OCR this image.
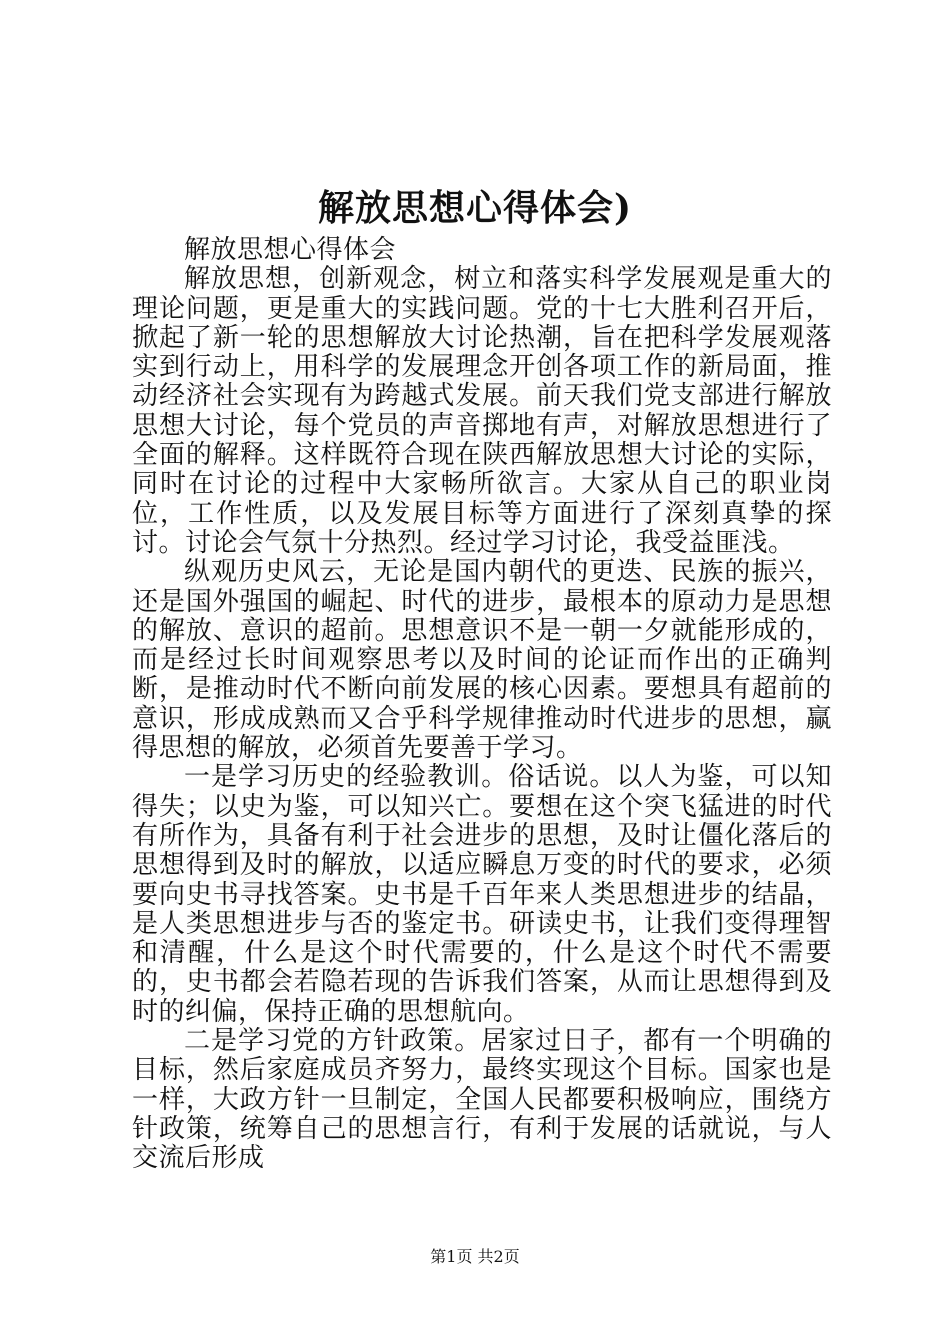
解放思想心得体会)

解放思想心得体会

解放思想，创新观念，树立和落实科学发展观是重大的理论问题，更是重大的实践问题。党的十七大胜利召开后，掀起了新一轮的思想解放大讨论热潮，旨在把科学发展观落实到行动上，用科学的发展理念开创各项工作的新局面，推动经济社会实现有为跨越式发展。前天我们党支部进行解放思想大讨论，每个党员的声音掷地有声，对解放思想进行了全面的解释。这样既符合现在陕西解放思想大讨论的实际，同时在讨论的过程中大家畅所欲言。大家从自己的职业岗位，工作性质，以及发展目标等方面进行了深刻真挚的探讨。讨论会气氛十分热烈。经过学习讨论，我受益匪浅。

纵观历史风云，无论是国内朝代的更迭、民族的振兴，还是国外强国的崛起、时代的进步，最根本的原动力是思想的解放、意识的超前。思想意识不是一朝一夕就能形成的，而是经过长时间观察思考以及时间的论证而作出的正确判断，是推动时代不断向前发展的核心因素。要想具有超前的意识，形成成熟而又合乎科学规律推动时代进步的思想，赢得思想的解放，必须首先要善于学习。

一是学习历史的经验教训。俗话说。以人为鉴，可以知得失；以史为鉴，可以知兴亡。要想在这个突飞猛进的时代有所作为，具备有利于社会进步的思想，及时让僵化落后的思想得到及时的解放，以适应瞬息万变的时代的要求，必须要向史书寻找答案。史书是千百年来人类思想进步的结晶，是人类思想进步与否的鉴定书。研读史书，让我们变得理智和清醒，什么是这个时代需要的，什么是这个时代不需要的，史书都会若隐若现的告诉我们答案，从而让思想得到及时的纠偏，保持正确的思想航向。

二是学习党的方针政策。居家过日子，都有一个明确的目标，然后家庭成员齐努力，最终实现这个目标。国家也是一样，大政方针一旦制定，全国人民都要积极响应，围绕方针政策，统筹自己的思想言行，有利于发展的话就说，与人交流后形成

第1页 共2页
